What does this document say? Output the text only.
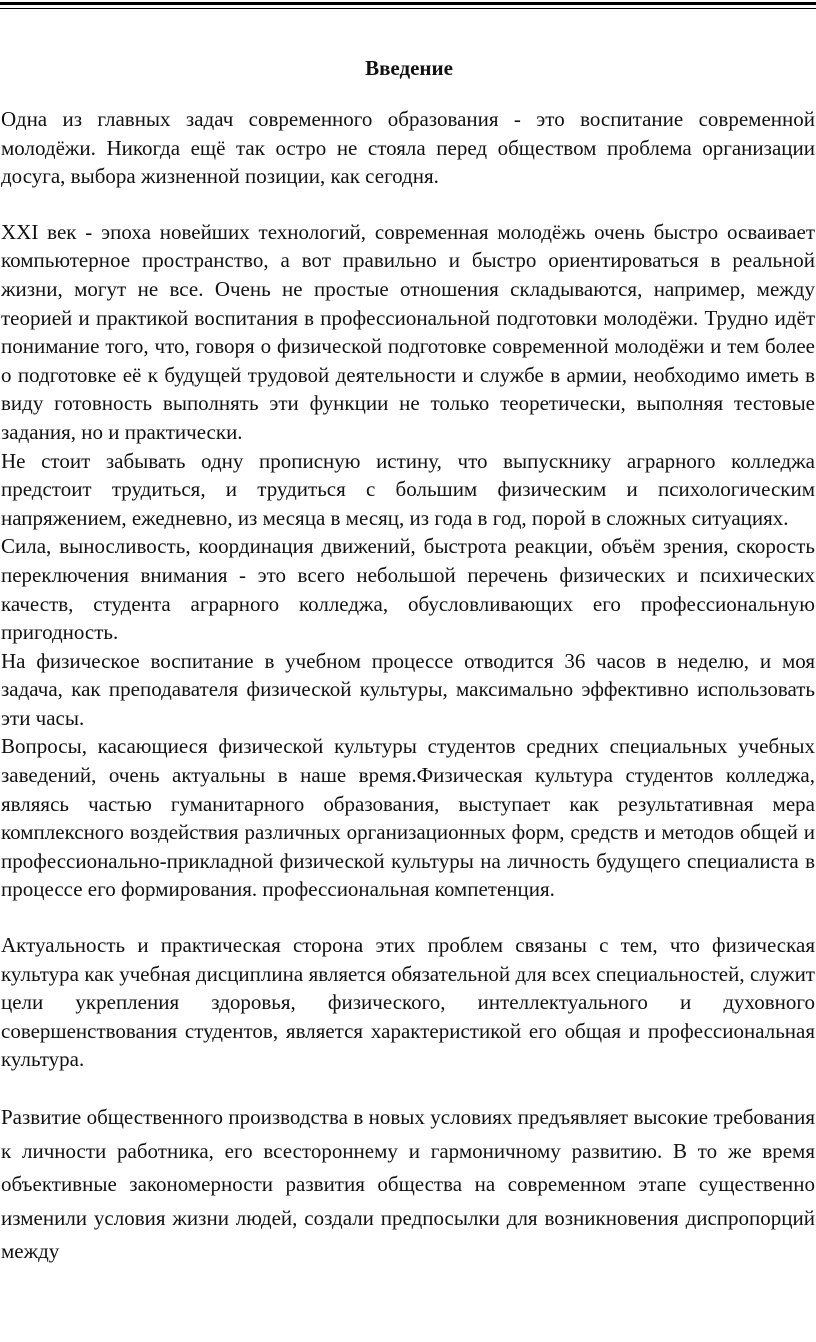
Введение

Одна из главных задач современного образования - это воспитание современной молодёжи. Никогда ещё так остро не стояла перед обществом проблема организации досуга, выбора жизненной позиции, как сегодня.

XXI век - эпоха новейших технологий, современная молодёжь очень быстро осваивает компьютерное пространство, а вот правильно и быстро ориентироваться в реальной жизни, могут не все. Очень не простые отношения складываются, например, между теорией и практикой воспитания в профессиональной подготовки молодёжи. Трудно идёт понимание того, что, говоря о физической подготовке современной молодёжи и тем более о подготовке её к будущей трудовой деятельности и службе в армии, необходимо иметь в виду готовность выполнять эти функции не только теоретически, выполняя тестовые задания, но и практически.

Не стоит забывать одну прописную истину, что выпускнику аграрного колледжа предстоит трудиться, и трудиться с большим физическим и психологическим напряжением, ежедневно, из месяца в месяц, из года в год, порой в сложных ситуациях.

Сила, выносливость, координация движений, быстрота реакции, объём зрения, скорость переключения внимания - это всего небольшой перечень физических и психических качеств, студента аграрного колледжа, обусловливающих его профессиональную пригодность.

На физическое воспитание в учебном процессе отводится 36 часов в неделю, и моя задача, как преподавателя физической культуры, максимально эффективно использовать эти часы.

Вопросы, касающиеся физической культуры студентов средних специальных учебных заведений, очень актуальны в наше время.Физическая культура студентов колледжа, являясь частью гуманитарного образования, выступает как результативная мера комплексного воздействия различных организационных форм, средств и методов общей и профессионально-прикладной физической культуры на личность будущего специалиста в процессе его формирования. профессиональная компетенция.

Актуальность и практическая сторона этих проблем связаны с тем, что физическая культура как учебная дисциплина является обязательной для всех специальностей, служит цели укрепления здоровья, физического, интеллектуального и духовного совершенствования студентов, является характеристикой его общая и профессиональная культура.

Развитие общественного производства в новых условиях предъявляет высокие требования к личности работника, его всестороннему и гармоничному развитию. В то же время объективные закономерности развития общества на современном этапе существенно изменили условия жизни людей, создали предпосылки для возникновения диспропорций между
